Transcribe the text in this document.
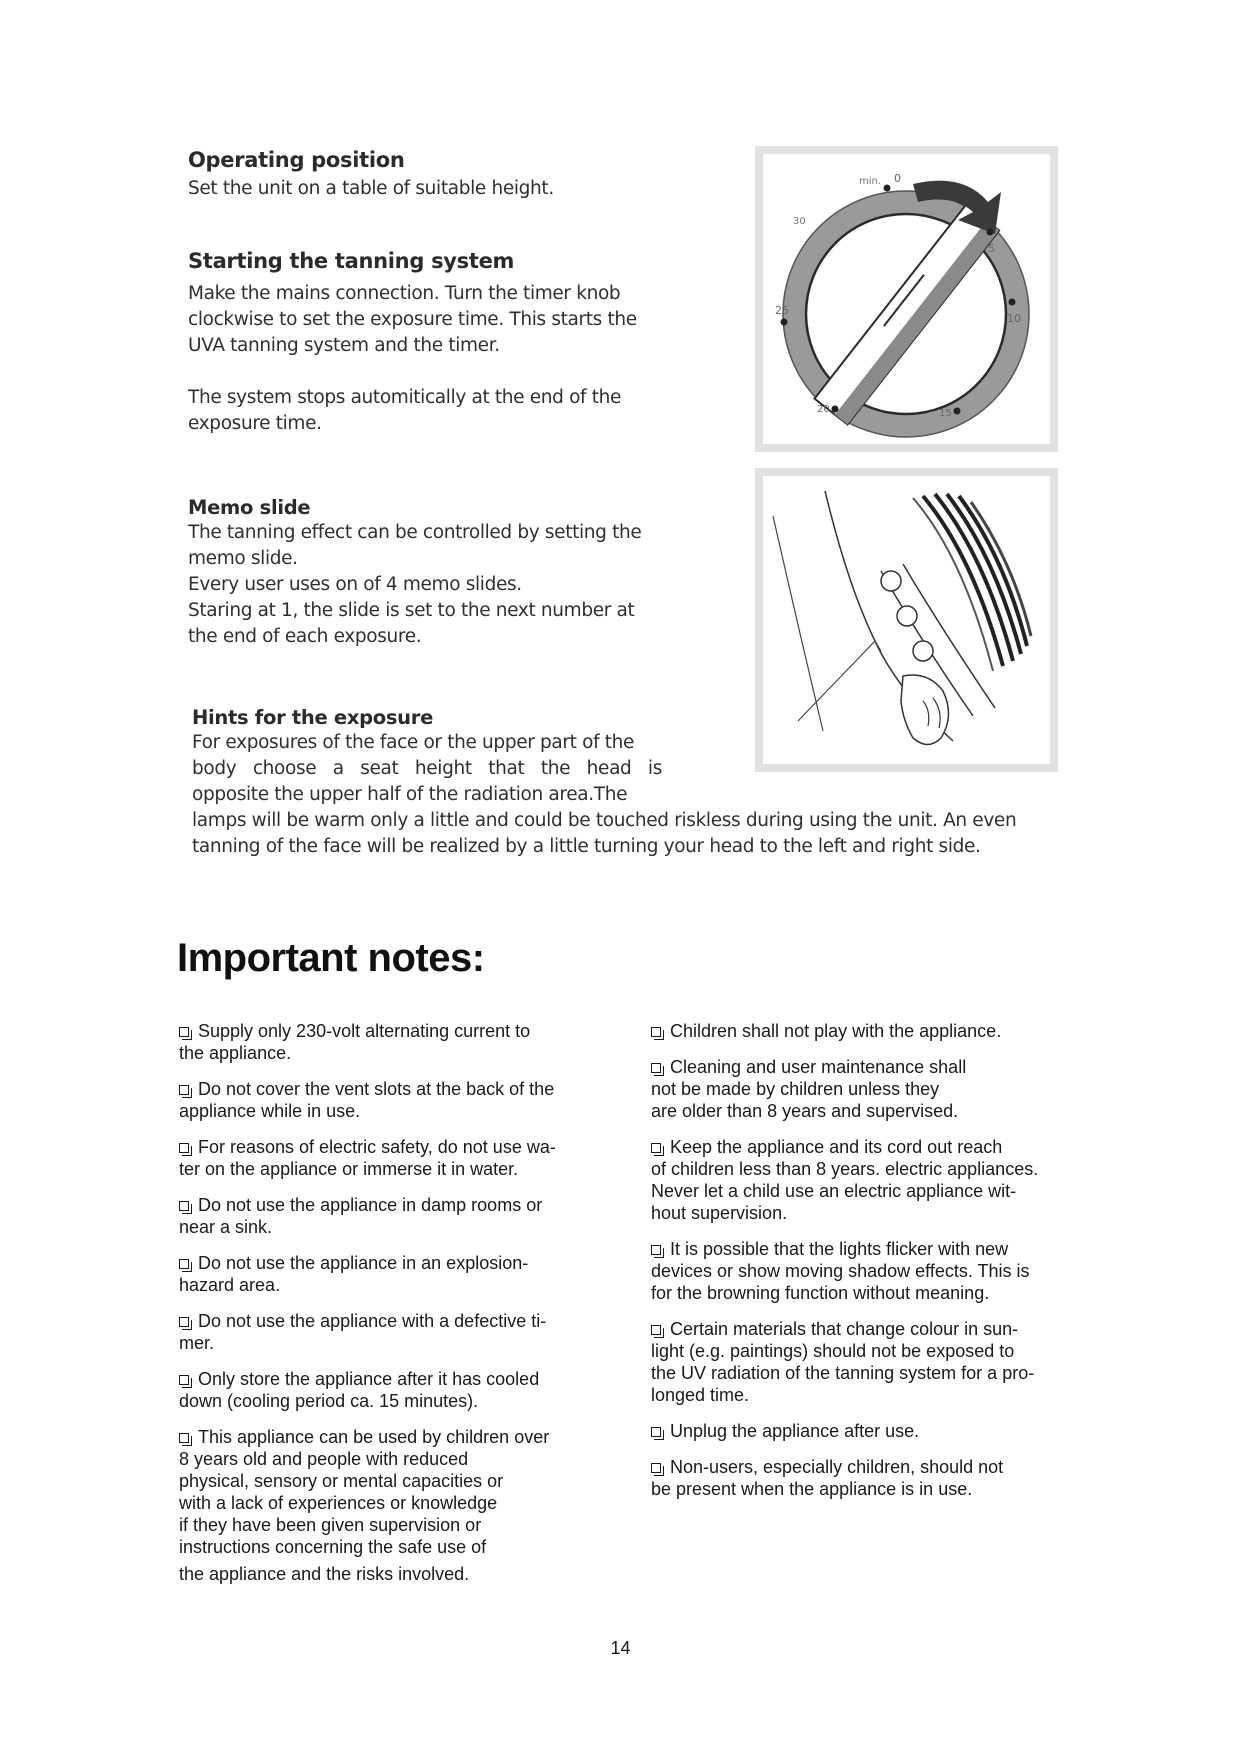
Operating position

Set the unit on a table of suitable height.

Starting the tanning system

Make the mains connection. Turn the timer knob

clockwise to set the exposure time. This starts the

UVA tanning system and the timer.

The system stops automitically at the end of the

exposure time.

min. 0
5
10
15
20
25
30
Memo slide

The tanning effect can be controlled by setting the

memo slide.

Every user uses on of 4 memo slides.

Staring at 1, the slide is set to the next number at

the end of each exposure.

Hints for the exposure

For exposures of the face or the upper part of the

body choose a seat height that the head is

opposite the upper half of the radiation area.The

lamps will be warm only a little and could be touched riskless during using the unit. An even

tanning of the face will be realized by a little turning your head to the left and right side.

Important notes:
Supply only 230-volt alternating current to
the appliance.
Do not cover the vent slots at the back of the
appliance while in use.
For reasons of electric safety, do not use wa-
ter on the appliance or immerse it in water.
Do not use the appliance in damp rooms or
near a sink.
Do not use the appliance in an explosion-
hazard area.
Do not use the appliance with a defective ti-
mer.
Only store the appliance after it has cooled
down (cooling period ca. 15 minutes).
This appliance can be used by children over
8 years old and people with reduced
physical, sensory or mental capacities or
with a lack of experiences or knowledge
if they have been given supervision or
instructions concerning the safe use of
the appliance and the risks involved.
Children shall not play with the appliance.
Cleaning and user maintenance shall
not be made by children unless they
are older than 8 years and supervised.
Keep the appliance and its cord out reach
of children less than 8 years. electric appliances.
Never let a child use an electric appliance wit-
hout supervision.
It is possible that the lights flicker with new
devices or show moving shadow effects. This is
for the browning function without meaning.
Certain materials that change colour in sun-
light (e.g. paintings) should not be exposed to
the UV radiation of the tanning system for a pro-
longed time.
Unplug the appliance after use.
Non-users, especially children, should not
be present when the appliance is in use.
14
